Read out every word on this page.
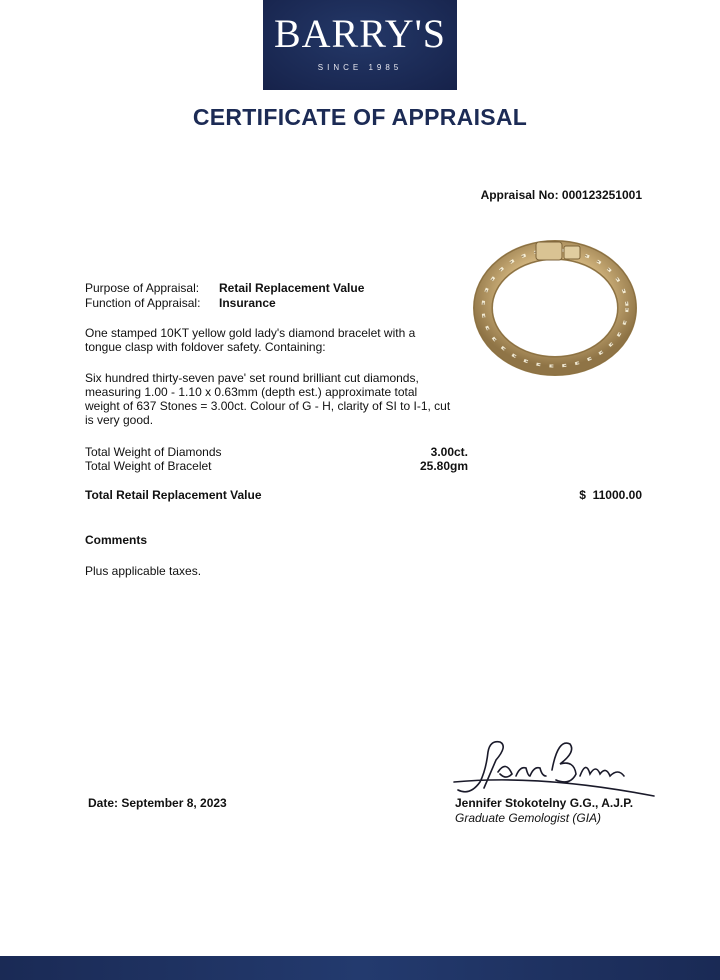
BARRY'S
SINCE 1985
CERTIFICATE OF APPRAISAL
Appraisal No: 000123251001
Purpose of Appraisal: Retail Replacement Value
Function of Appraisal: Insurance
One stamped 10KT yellow gold lady's diamond bracelet with a tongue clasp with foldover safety. Containing:
Six hundred thirty-seven pave' set round brilliant cut diamonds, measuring 1.00 - 1.10 x 0.63mm (depth est.) approximate total weight of 637 Stones = 3.00ct. Colour of G - H, clarity of SI to I-1, cut is very good.
Total Weight of Diamonds	3.00ct.
Total Weight of Bracelet	25.80gm
Total Retail Replacement Value	$  11000.00
Comments
Plus applicable taxes.
Date: September 8, 2023	Jennifer Stokotelny G.G., A.J.P.
Graduate Gemologist (GIA)
